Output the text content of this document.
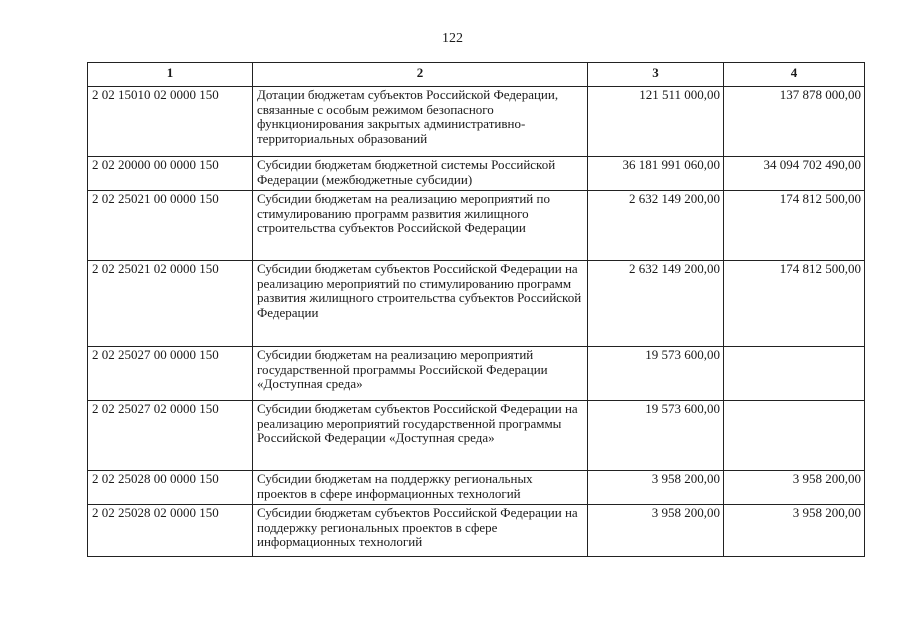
122
1	2	3	4
2 02 15010 02 0000 150	Дотации бюджетам субъектов Российской Федерации, связанные с особым режимом безопасного функционирования закрытых административно-территориальных образований	121 511 000,00	137 878 000,00
2 02 20000 00 0000 150	Субсидии бюджетам бюджетной системы Российской Федерации (межбюджетные субсидии)	36 181 991 060,00	34 094 702 490,00
2 02 25021 00 0000 150	Субсидии бюджетам на реализацию мероприятий по стимулированию программ развития жилищного строительства субъектов Российской Федерации	2 632 149 200,00	174 812 500,00
2 02 25021 02 0000 150	Субсидии бюджетам субъектов Российской Федерации на реализацию мероприятий по стимулированию программ развития жилищного строительства субъектов Российской Федерации	2 632 149 200,00	174 812 500,00
2 02 25027 00 0000 150	Субсидии бюджетам на реализацию мероприятий государственной программы Российской Федерации «Доступная среда»	19 573 600,00	
2 02 25027 02 0000 150	Субсидии бюджетам субъектов Российской Федерации на реализацию мероприятий государственной программы Российской Федерации «Доступная среда»	19 573 600,00	
2 02 25028 00 0000 150	Субсидии бюджетам на поддержку региональных проектов в сфере информационных технологий	3 958 200,00	3 958 200,00
2 02 25028 02 0000 150	Субсидии бюджетам субъектов Российской Федерации на поддержку региональных проектов в сфере информационных технологий	3 958 200,00	3 958 200,00
